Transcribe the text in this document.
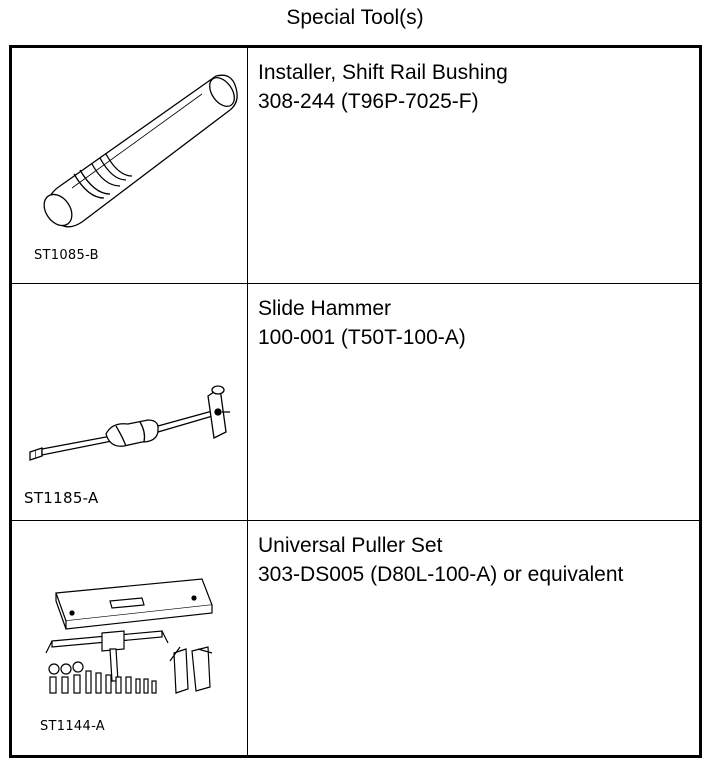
Special Tool(s)
ST1085-B
Installer, Shift Rail Bushing
308-244 (T96P-7025-F)
ST1185-A
Slide Hammer
100-001 (T50T-100-A)
ST1144-A
Universal Puller Set
303-DS005 (D80L-100-A) or equivalent
